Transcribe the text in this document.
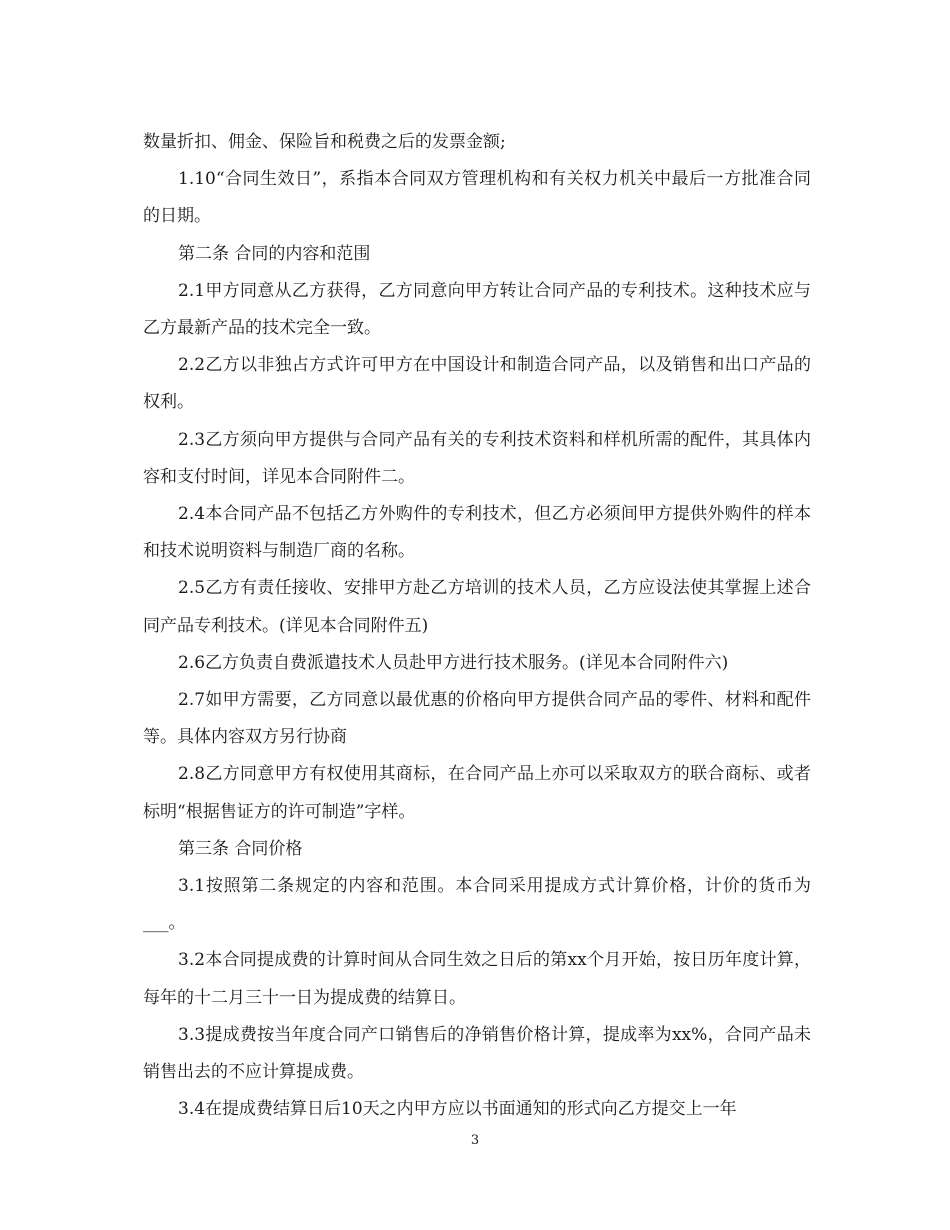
数量折扣、佣金、保险旨和税费之后的发票金额;

1.10“合同生效日”，系指本合同双方管理机构和有关权力机关中最后一方批准合同的日期。

第二条 合同的内容和范围

2.1甲方同意从乙方获得，乙方同意向甲方转让合同产品的专利技术。这种技术应与乙方最新产品的技术完全一致。

2.2乙方以非独占方式许可甲方在中国设计和制造合同产品，以及销售和出口产品的权利。

2.3乙方须向甲方提供与合同产品有关的专利技术资料和样机所需的配件，其具体内容和支付时间，详见本合同附件二。

2.4本合同产品不包括乙方外购件的专利技术，但乙方必须间甲方提供外购件的样本和技术说明资料与制造厂商的名称。

2.5乙方有责任接收、安排甲方赴乙方培训的技术人员，乙方应设法使其掌握上述合同产品专利技术。(详见本合同附件五)

2.6乙方负责自费派遣技术人员赴甲方进行技术服务。(详见本合同附件六)

2.7如甲方需要，乙方同意以最优惠的价格向甲方提供合同产品的零件、材料和配件等。具体内容双方另行协商

2.8乙方同意甲方有权使用其商标，在合同产品上亦可以采取双方的联合商标、或者标明“根据售证方的许可制造”字样。

第三条 合同价格

3.1按照第二条规定的内容和范围。本合同采用提成方式计算价格，计价的货币为___。

3.2本合同提成费的计算时间从合同生效之日后的第xx个月开始，按日历年度计算，每年的十二月三十一日为提成费的结算日。

3.3提成费按当年度合同产口销售后的净销售价格计算，提成率为xx%，合同产品未销售出去的不应计算提成费。

3.4在提成费结算日后10天之内甲方应以书面通知的形式向乙方提交上一年

3
